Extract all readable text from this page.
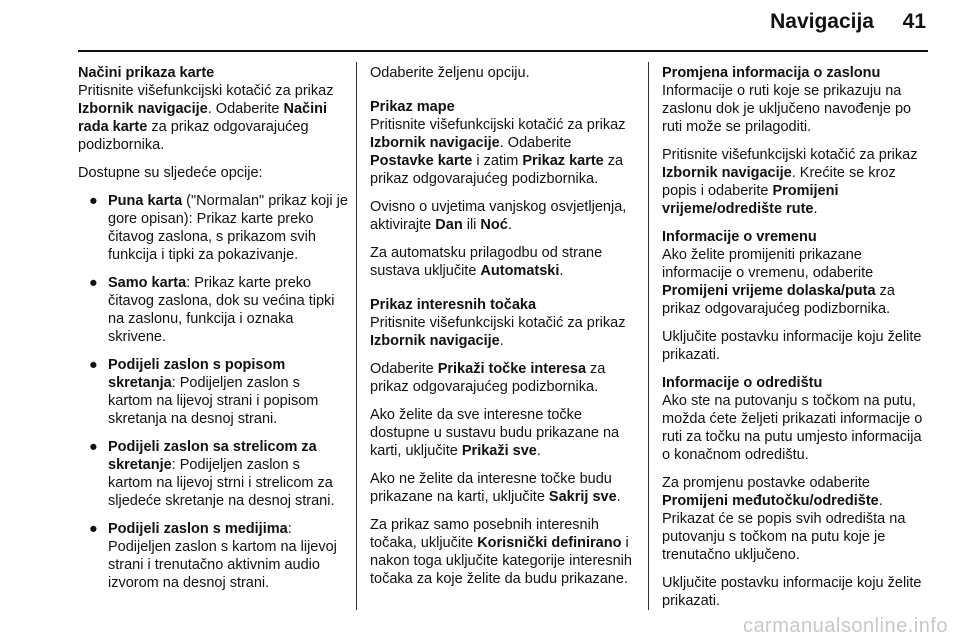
Navigacija 41
Načini prikaza karte

Pritisnite višefunkcijski kotačić za prikaz Izbornik navigacije. Odaberite Načini rada karte za prikaz odgovarajućeg podizbornika.

Dostupne su sljedeće opcije:

● Puna karta ("Normalan" prikaz koji je gore opisan): Prikaz karte preko čitavog zaslona, s prikazom svih funkcija i tipki za pokazivanje.
● Samo karta: Prikaz karte preko čitavog zaslona, dok su većina tipki na zaslonu, funkcija i oznaka skrivene.
● Podijeli zaslon s popisom skretanja: Podijeljen zaslon s kartom na lijevoj strani i popisom skretanja na desnoj strani.
● Podijeli zaslon sa strelicom za skretanje: Podijeljen zaslon s kartom na lijevoj strni i strelicom za sljedeće skretanje na desnoj strani.
● Podijeli zaslon s medijima: Podijeljen zaslon s kartom na lijevoj strani i trenutačno aktivnim audio izvorom na desnoj strani.

Odaberite željenu opciju.

Prikaz mape

Pritisnite višefunkcijski kotačić za prikaz Izbornik navigacije. Odaberite Postavke karte i zatim Prikaz karte za prikaz odgovarajućeg podizbornika.

Ovisno o uvjetima vanjskog osvjetljenja, aktivirajte Dan ili Noć.

Za automatsku prilagodbu od strane sustava uključite Automatski.

Prikaz interesnih točaka

Pritisnite višefunkcijski kotačić za prikaz Izbornik navigacije.

Odaberite Prikaži točke interesa za prikaz odgovarajućeg podizbornika.

Ako želite da sve interesne točke dostupne u sustavu budu prikazane na karti, uključite Prikaži sve.

Ako ne želite da interesne točke budu prikazane na karti, uključite Sakrij sve.

Za prikaz samo posebnih interesnih točaka, uključite Korisnički definirano i nakon toga uključite kategorije interesnih točaka za koje želite da budu prikazane.

Promjena informacija o zaslonu

Informacije o ruti koje se prikazuju na zaslonu dok je uključeno navođenje po ruti može se prilagoditi.

Pritisnite višefunkcijski kotačić za prikaz Izbornik navigacije. Krećite se kroz popis i odaberite Promijeni vrijeme/odredište rute.

Informacije o vremenu

Ako želite promijeniti prikazane informacije o vremenu, odaberite Promijeni vrijeme dolaska/puta za prikaz odgovarajućeg podizbornika.

Uključite postavku informacije koju želite prikazati.

Informacije o odredištu

Ako ste na putovanju s točkom na putu, možda ćete željeti prikazati informacije o ruti za točku na putu umjesto informacija o konačnom odredištu.

Za promjenu postavke odaberite Promijeni međutočku/odredište. Prikazat će se popis svih odredišta na putovanju s točkom na putu koje je trenutačno uključeno.

Uključite postavku informacije koju želite prikazati.

carmanualsonline.info
